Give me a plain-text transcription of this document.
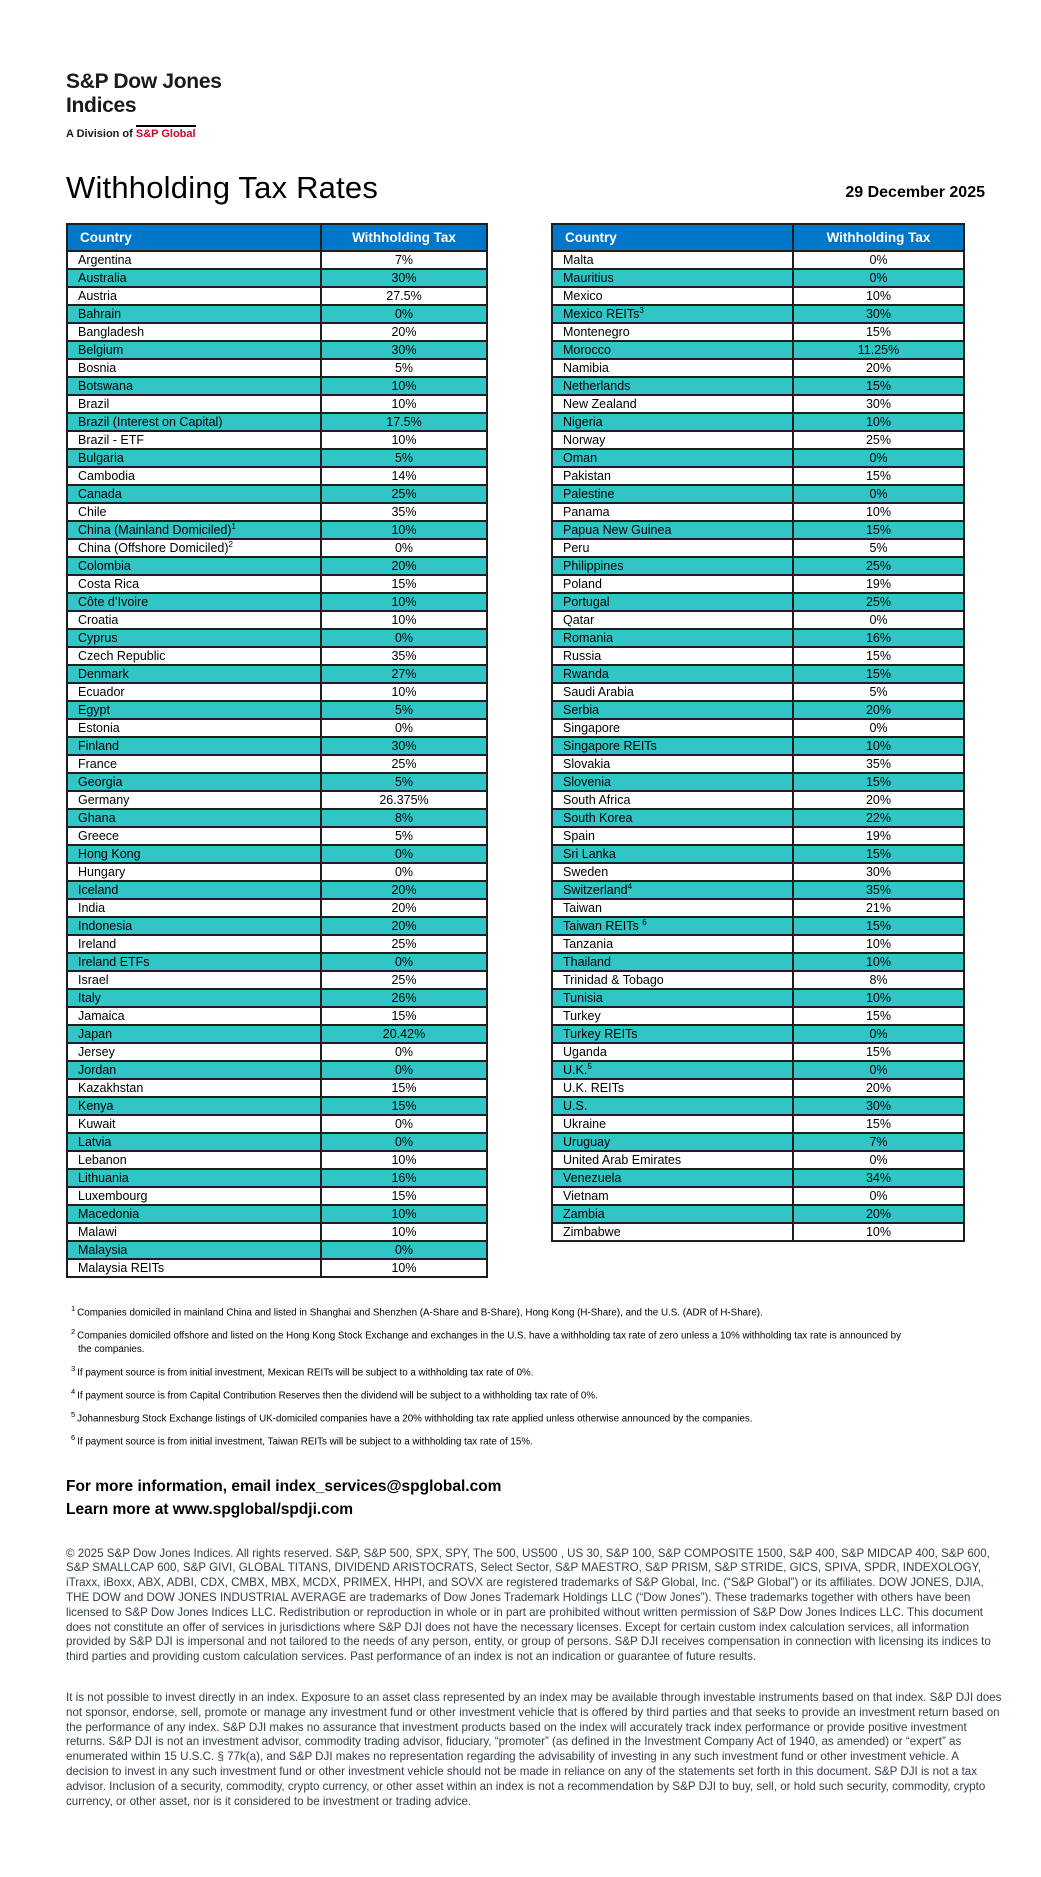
S&P Dow Jones
Indices
A Division of S&P Global
Withholding Tax Rates	29 December 2025
Country	Withholding Tax
Argentina	7%
Australia	30%
Austria	27.5%
Bahrain	0%
Bangladesh	20%
Belgium	30%
Bosnia	5%
Botswana	10%
Brazil	10%
Brazil (Interest on Capital)	17.5%
Brazil - ETF	10%
Bulgaria	5%
Cambodia	14%
Canada	25%
Chile	35%
China (Mainland Domiciled)$^1$	10%
China (Offshore Domiciled)$^2$	0%
Colombia	20%
Costa Rica	15%
Côte d’Ivoire	10%
Croatia	10%
Cyprus	0%
Czech Republic	35%
Denmark	27%
Ecuador	10%
Egypt	5%
Estonia	0%
Finland	30%
France	25%
Georgia	5%
Germany	26.375%
Ghana	8%
Greece	5%
Hong Kong	0%
Hungary	0%
Iceland	20%
India	20%
Indonesia	20%
Ireland	25%
Ireland ETFs	0%
Israel	25%
Italy	26%
Jamaica	15%
Japan	20.42%
Jersey	0%
Jordan	0%
Kazakhstan	15%
Kenya	15%
Kuwait	0%
Latvia	0%
Lebanon	10%
Lithuania	16%
Luxembourg	15%
Macedonia	10%
Malawi	10%
Malaysia	0%
Malaysia REITs	10%
Country	Withholding Tax
Malta	0%
Mauritius	0%
Mexico	10%
Mexico REITs$^3$	30%
Montenegro	15%
Morocco	11.25%
Namibia	20%
Netherlands	15%
New Zealand	30%
Nigeria	10%
Norway	25%
Oman	0%
Pakistan	15%
Palestine	0%
Panama	10%
Papua New Guinea	15%
Peru	5%
Philippines	25%
Poland	19%
Portugal	25%
Qatar	0%
Romania	16%
Russia	15%
Rwanda	15%
Saudi Arabia	5%
Serbia	20%
Singapore	0%
Singapore REITs	10%
Slovakia	35%
Slovenia	15%
South Africa	20%
South Korea	22%
Spain	19%
Sri Lanka	15%
Sweden	30%
Switzerland$^4$	35%
Taiwan	21%
Taiwan REITs $^6$	15%
Tanzania	10%
Thailand	10%
Trinidad & Tobago	8%
Tunisia	10%
Turkey	15%
Turkey REITs	0%
Uganda	15%
U.K.$^5$	0%
U.K. REITs	20%
U.S.	30%
Ukraine	15%
Uruguay	7%
United Arab Emirates	0%
Venezuela	34%
Vietnam	0%
Zambia	20%
Zimbabwe	10%
$^1$ Companies domiciled in mainland China and listed in Shanghai and Shenzhen (A-Share and B-Share), Hong Kong (H-Share), and the U.S. (ADR of H-Share).
$^2$ Companies domiciled offshore and listed on the Hong Kong Stock Exchange and exchanges in the U.S. have a withholding tax rate of zero unless a 10% withholding tax rate is announced by the companies.
$^3$ If payment source is from initial investment, Mexican REITs will be subject to a withholding tax rate of 0%.
$^4$ If payment source is from Capital Contribution Reserves then the dividend will be subject to a withholding tax rate of 0%.
$^5$ Johannesburg Stock Exchange listings of UK-domiciled companies have a 20% withholding tax rate applied unless otherwise announced by the companies.
$^6$ If payment source is from initial investment, Taiwan REITs will be subject to a withholding tax rate of 15%.
For more information, email index_services@spglobal.com
Learn more at www.spglobal/spdji.com

© 2025 S&P Dow Jones Indices. All rights reserved. S&P, S&P 500, SPX, SPY, The 500, US500 , US 30, S&P 100, S&P COMPOSITE 1500, S&P 400, S&P MIDCAP 400, S&P 600, S&P SMALLCAP 600, S&P GIVI, GLOBAL TITANS, DIVIDEND ARISTOCRATS, Select Sector, S&P MAESTRO, S&P PRISM, S&P STRIDE, GICS, SPIVA, SPDR, INDEXOLOGY, iTraxx, iBoxx, ABX, ADBI, CDX, CMBX, MBX, MCDX, PRIMEX, HHPI, and SOVX are registered trademarks of S&P Global, Inc. (“S&P Global”) or its affiliates. DOW JONES, DJIA, THE DOW and DOW JONES INDUSTRIAL AVERAGE are trademarks of Dow Jones Trademark Holdings LLC (“Dow Jones”). These trademarks together with others have been licensed to S&P Dow Jones Indices LLC. Redistribution or reproduction in whole or in part are prohibited without written permission of S&P Dow Jones Indices LLC. This document does not constitute an offer of services in jurisdictions where S&P DJI does not have the necessary licenses. Except for certain custom index calculation services, all information provided by S&P DJI is impersonal and not tailored to the needs of any person, entity, or group of persons. S&P DJI receives compensation in connection with licensing its indices to third parties and providing custom calculation services. Past performance of an index is not an indication or guarantee of future results.

It is not possible to invest directly in an index. Exposure to an asset class represented by an index may be available through investable instruments based on that index. S&P DJI does not sponsor, endorse, sell, promote or manage any investment fund or other investment vehicle that is offered by third parties and that seeks to provide an investment return based on the performance of any index. S&P DJI makes no assurance that investment products based on the index will accurately track index performance or provide positive investment returns. S&P DJI is not an investment advisor, commodity trading advisor, fiduciary, “promoter” (as defined in the Investment Company Act of 1940, as amended) or “expert” as enumerated within 15 U.S.C. § 77k(a), and S&P DJI makes no representation regarding the advisability of investing in any such investment fund or other investment vehicle. A decision to invest in any such investment fund or other investment vehicle should not be made in reliance on any of the statements set forth in this document. S&P DJI is not a tax advisor. Inclusion of a security, commodity, crypto currency, or other asset within an index is not a recommendation by S&P DJI to buy, sell, or hold such security, commodity, crypto currency, or other asset, nor is it considered to be investment or trading advice.
